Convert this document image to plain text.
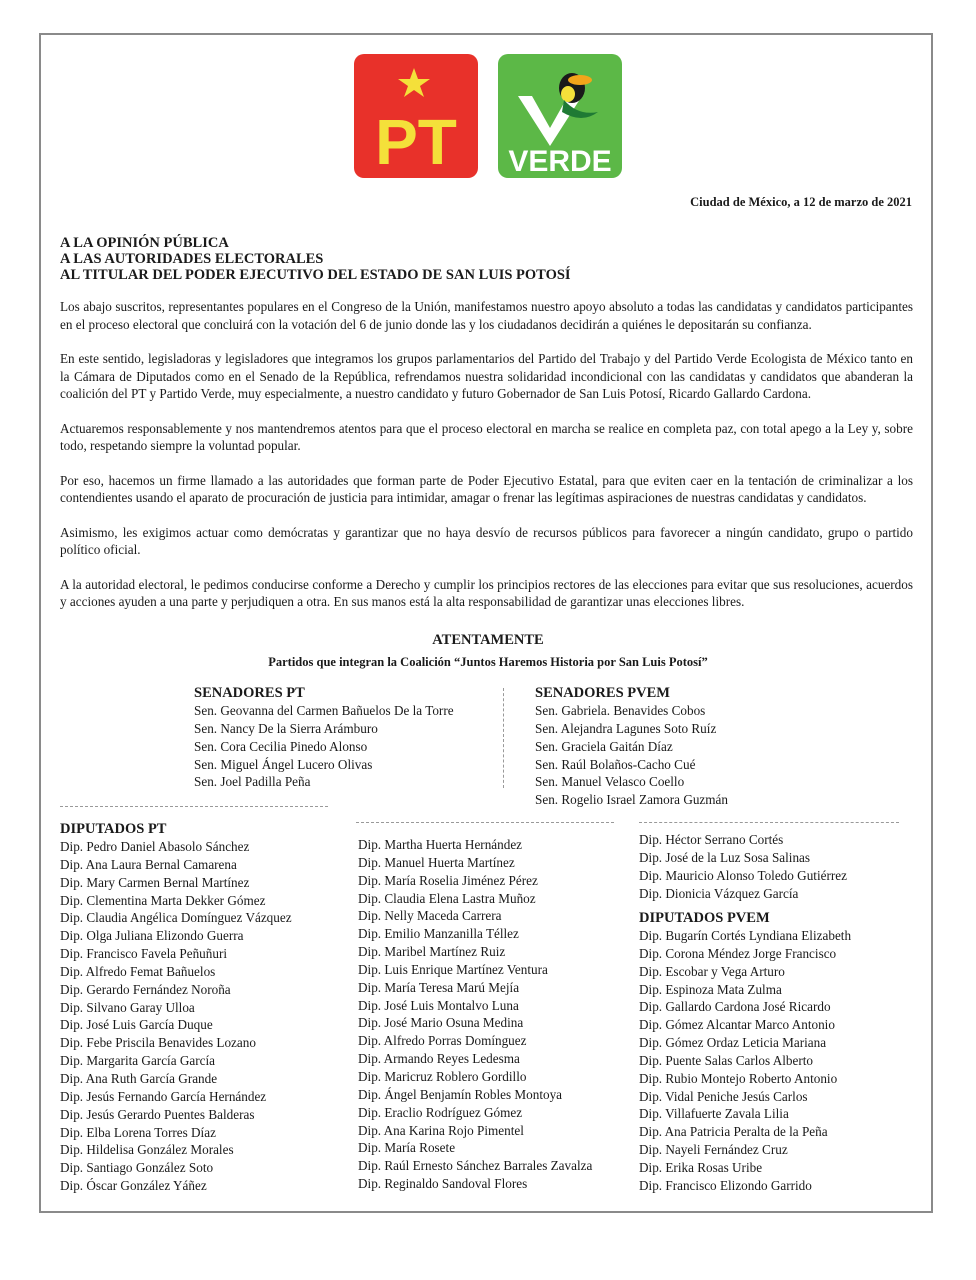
PT VERDE
Ciudad de México, a 12 de marzo de 2021
A LA OPINIÓN PÚBLICA
A LAS AUTORIDADES ELECTORALES
AL TITULAR DEL PODER EJECUTIVO DEL ESTADO DE SAN LUIS POTOSÍ

Los abajo suscritos, representantes populares en el Congreso de la Unión, manifestamos nuestro apoyo absoluto a todas las candidatas y candidatos participantes en el proceso electoral que concluirá con la votación del 6 de junio donde las y los ciudadanos decidirán a quiénes le depositarán su confianza.

En este sentido, legisladoras y legisladores que integramos los grupos parlamentarios del Partido del Trabajo y del Partido Verde Ecologista de México tanto en la Cámara de Diputados como en el Senado de la República, refrendamos nuestra solidaridad incondicional con las candidatas y candidatos que abanderan la coalición del PT y Partido Verde, muy especialmente, a nuestro candidato y futuro Gobernador de San Luis Potosí, Ricardo Gallardo Cardona.

Actuaremos responsablemente y nos mantendremos atentos para que el proceso electoral en marcha se realice en completa paz, con total apego a la Ley y, sobre todo, respetando siempre la voluntad popular.

Por eso, hacemos un firme llamado a las autoridades que forman parte de Poder Ejecutivo Estatal, para que eviten caer en la tentación de criminalizar a los contendientes usando el aparato de procuración de justicia para intimidar, amagar o frenar las legítimas aspiraciones de nuestras candidatas y candidatos.

Asimismo, les exigimos actuar como demócratas y garantizar que no haya desvío de recursos públicos para favorecer a ningún candidato, grupo o partido político oficial.

A la autoridad electoral, le pedimos conducirse conforme a Derecho y cumplir los principios rectores de las elecciones para evitar que sus resoluciones, acuerdos y acciones ayuden a una parte y perjudiquen a otra. En sus manos está la alta responsabilidad de garantizar unas elecciones libres.

ATENTAMENTE
Partidos que integran la Coalición “Juntos Haremos Historia por San Luis Potosí”
SENADORES PT
Sen. Geovanna del Carmen Bañuelos De la Torre
Sen. Nancy De la Sierra Arámburo
Sen. Cora Cecilia Pinedo Alonso
Sen. Miguel Ángel Lucero Olivas
Sen. Joel Padilla Peña
SENADORES PVEM
Sen. Gabriela. Benavides Cobos
Sen. Alejandra Lagunes Soto Ruíz
Sen. Graciela Gaitán Díaz
Sen. Raúl Bolaños-Cacho Cué
Sen. Manuel Velasco Coello
Sen. Rogelio Israel Zamora Guzmán
DIPUTADOS PT
Dip. Pedro Daniel Abasolo Sánchez
Dip. Ana Laura Bernal Camarena
Dip. Mary Carmen Bernal Martínez
Dip. Clementina Marta Dekker Gómez
Dip. Claudia Angélica Domínguez Vázquez
Dip. Olga Juliana Elizondo Guerra
Dip. Francisco Favela Peñuñuri
Dip. Alfredo Femat Bañuelos
Dip. Gerardo Fernández Noroña
Dip. Silvano Garay Ulloa
Dip. José Luis García Duque
Dip. Febe Priscila Benavides Lozano
Dip. Margarita García García
Dip. Ana Ruth García Grande
Dip. Jesús Fernando García Hernández
Dip. Jesús Gerardo Puentes Balderas
Dip. Elba Lorena Torres Díaz
Dip. Hildelisa González Morales
Dip. Santiago González Soto
Dip. Óscar González Yáñez
Dip. Martha Huerta Hernández
Dip. Manuel Huerta Martínez
Dip. María Roselia Jiménez Pérez
Dip. Claudia Elena Lastra Muñoz
Dip. Nelly Maceda Carrera
Dip. Emilio Manzanilla Téllez
Dip. Maribel Martínez Ruiz
Dip. Luis Enrique Martínez Ventura
Dip. María Teresa Marú Mejía
Dip. José Luis Montalvo Luna
Dip. José Mario Osuna Medina
Dip. Alfredo Porras Domínguez
Dip. Armando Reyes Ledesma
Dip. Maricruz Roblero Gordillo
Dip. Ángel Benjamín Robles Montoya
Dip. Eraclio Rodríguez Gómez
Dip. Ana Karina Rojo Pimentel
Dip. María Rosete
Dip. Raúl Ernesto Sánchez Barrales Zavalza
Dip. Reginaldo Sandoval Flores
Dip. Héctor Serrano Cortés
Dip. José de la Luz Sosa Salinas
Dip. Mauricio Alonso Toledo Gutiérrez
Dip. Dionicia Vázquez García
DIPUTADOS PVEM
Dip. Bugarín Cortés Lyndiana Elizabeth
Dip. Corona Méndez Jorge Francisco
Dip. Escobar y Vega Arturo
Dip. Espinoza Mata Zulma
Dip. Gallardo Cardona José Ricardo
Dip. Gómez Alcantar Marco Antonio
Dip. Gómez Ordaz Leticia Mariana
Dip. Puente Salas Carlos Alberto
Dip. Rubio Montejo Roberto Antonio
Dip. Vidal Peniche Jesús Carlos
Dip. Villafuerte Zavala Lilia
Dip. Ana Patricia Peralta de la Peña
Dip. Nayeli Fernández Cruz
Dip. Erika Rosas Uribe
Dip. Francisco Elizondo Garrido
